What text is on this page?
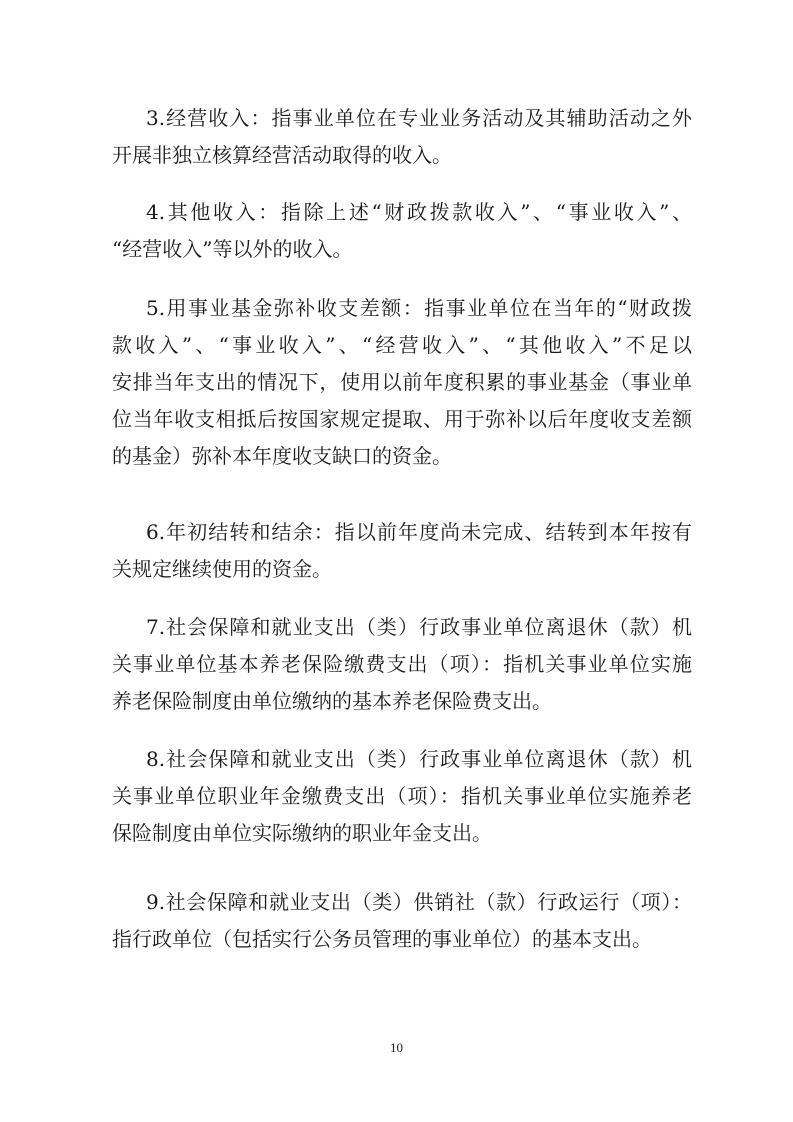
3.经营收入：指事业单位在专业业务活动及其辅助活动之外
开展非独立核算经营活动取得的收入。
4.其他收入：指除上述“财政拨款收入”、“事业收入”、
“经营收入”等以外的收入。
5.用事业基金弥补收支差额：指事业单位在当年的“财政拨
款收入”、“事业收入”、“经营收入”、“其他收入”不足以
安排当年支出的情况下，使用以前年度积累的事业基金（事业单
位当年收支相抵后按国家规定提取、用于弥补以后年度收支差额
的基金）弥补本年度收支缺口的资金。
6.年初结转和结余：指以前年度尚未完成、结转到本年按有
关规定继续使用的资金。
7.社会保障和就业支出（类）行政事业单位离退休（款）机
关事业单位基本养老保险缴费支出（项）：指机关事业单位实施
养老保险制度由单位缴纳的基本养老保险费支出。
8.社会保障和就业支出（类）行政事业单位离退休（款）机
关事业单位职业年金缴费支出（项）：指机关事业单位实施养老
保险制度由单位实际缴纳的职业年金支出。
9.社会保障和就业支出（类）供销社（款）行政运行（项）：
指行政单位（包括实行公务员管理的事业单位）的基本支出。
10
